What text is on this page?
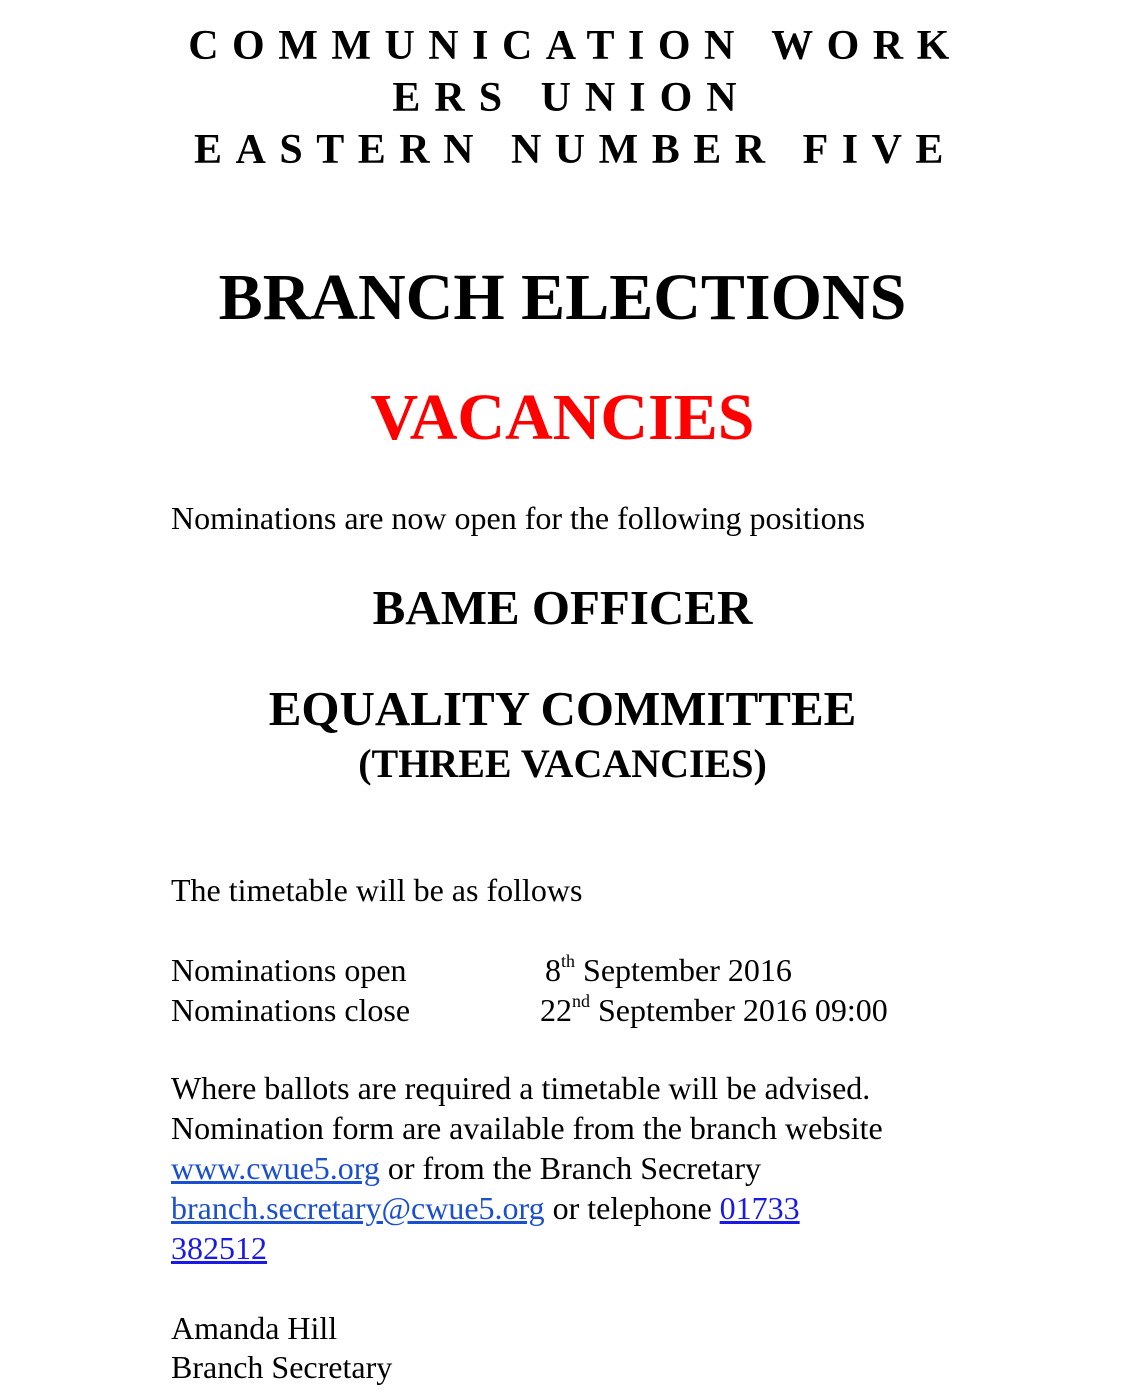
COMMUNICATION WORK
ERS UNION
EASTERN NUMBER FIVE
BRANCH ELECTIONS
VACANCIES
Nominations are now open for the following positions
BAME OFFICER
EQUALITY COMMITTEE
(THREE VACANCIES)
The timetable will be as follows
Nominations open	8th September 2016
Nominations close	22nd September 2016 09:00
Where ballots are required a timetable will be advised.
Nomination form are available from the branch website
www.cwue5.org or from the Branch Secretary
branch.secretary@cwue5.org or telephone 01733
382512
Amanda Hill
Branch Secretary
